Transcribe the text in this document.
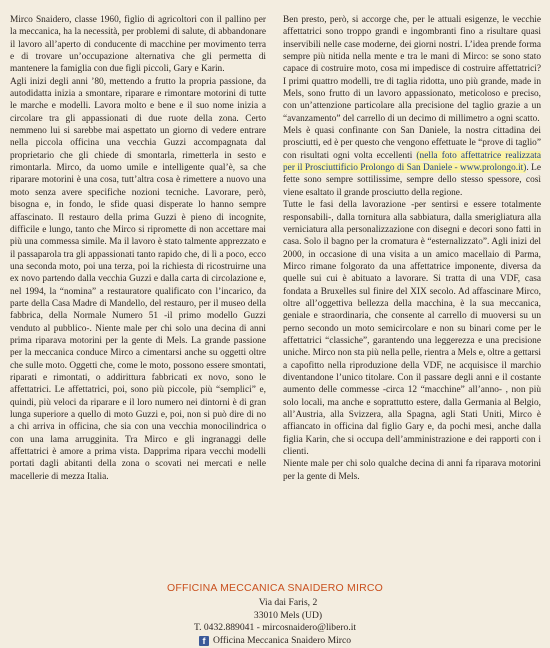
Mirco Snaidero, classe 1960, figlio di agricoltori con il pallino per la meccanica, ha la necessità, per problemi di salute, di abbandonare il lavoro all’aperto di conducente di macchine per movimento terra e di trovare un’occupazione alternativa che gli permetta di mantenere la famiglia con due figli piccoli, Gary e Karin.

Agli inizi degli anni ’80, mettendo a frutto la propria passione, da autodidatta inizia a smontare, riparare e rimontare motorini di tutte le marche e modelli. Lavora molto e bene e il suo nome inizia a circolare tra gli appassionati di due ruote della zona. Certo nemmeno lui si sarebbe mai aspettato un giorno di vedere entrare nella piccola officina una vecchia Guzzi accompagnata dal proprietario che gli chiede di smontarla, rimetterla in sesto e rimontarla. Mirco, da uomo umile e intelligente qual’è, sa che riparare motorini è una cosa, tutt’altra cosa è rimettere a nuovo una moto senza avere specifiche nozioni tecniche. Lavorare, però, bisogna e, in fondo, le sfide quasi disperate lo hanno sempre affascinato. Il restauro della prima Guzzi è pieno di incognite, difficile e lungo, tanto che Mirco si ripromette di non accettare mai più una commessa simile. Ma il lavoro è stato talmente apprezzato e il passaparola tra gli appassionati tanto rapido che, di lì a poco, ecco una seconda moto, poi una terza, poi la richiesta di ricostruirne una ex novo partendo dalla vecchia Guzzi e dalla carta di circolazione e, nel 1994, la “nomina” a restauratore qualificato con l’incarico, da parte della Casa Madre di Mandello, del restauro, per il museo della fabbrica, della Normale Numero 51 -il primo modello Guzzi venduto al pubblico-. Niente male per chi solo una decina di anni prima riparava motorini per la gente di Mels. La grande passione per la meccanica conduce Mirco a cimentarsi anche su oggetti oltre che sulle moto. Oggetti che, come le moto, possono essere smontati, riparati e rimontati, o addirittura fabbricati ex novo, sono le affettatrici. Le affettatrici, poi, sono più piccole, più “semplici” e, quindi, più veloci da riparare e il loro numero nei dintorni è di gran lunga superiore a quello di moto Guzzi e, poi, non si può dire di no a chi arriva in officina, che sia con una vecchia monocilindrica o con una lama arrugginita. Tra Mirco e gli ingranaggi delle affettatrici è amore a prima vista. Dapprima ripara vecchi modelli portati dagli abitanti della zona o scovati nei mercati e nelle macellerie di mezza Italia.

Ben presto, però, si accorge che, per le attuali esigenze, le vecchie affettatrici sono troppo grandi e ingombranti fino a risultare quasi inservibili nelle case moderne, dei giorni nostri. L’idea prende forma sempre più nitida nella mente e tra le mani di Mirco: se sono stato capace di costruire moto, cosa mi impedisce di costruire affettatrici? I primi quattro modelli, tre di taglia ridotta, uno più grande, made in Mels, sono frutto di un lavoro appassionato, meticoloso e preciso, con un’attenzione particolare alla precisione del taglio grazie a un “avanzamento” del carrello di un decimo di millimetro a ogni scatto.

Mels è quasi confinante con San Daniele, la nostra cittadina dei prosciutti, ed è per questo che vengono effettuate le “prove di taglio” con risultati ogni volta eccellenti (nella foto affettatrice realizzata per il Prosciuttificio Prolongo di San Daniele - www.prolongo.it). Le fette sono sempre sottilissime, sempre dello stesso spessore, così viene esaltato il grande prosciutto della regione.

Tutte le fasi della lavorazione -per sentirsi e essere totalmente responsabili-, dalla tornitura alla sabbiatura, dalla smerigliatura alla verniciatura alla personalizzazione con disegni e decori sono fatti in casa. Solo il bagno per la cromatura è “esternalizzato”. Agli inizi del 2000, in occasione di una visita a un amico macellaio di Parma, Mirco rimane folgorato da una affettatrice imponente, diversa da quelle sui cui è abituato a lavorare. Si tratta di una VDF, casa fondata a Bruxelles sul finire del XIX secolo. Ad affascinare Mirco, oltre all’oggettiva bellezza della macchina, è la sua meccanica, geniale e straordinaria, che consente al carrello di muoversi su un perno secondo un moto semicircolare e non su binari come per le affettatrici “classiche”, garantendo una leggerezza e una precisione uniche. Mirco non sta più nella pelle, rientra a Mels e, oltre a gettarsi a capofitto nella riproduzione della VDF, ne acquisisce il marchio diventandone l’unico titolare. Con il passare degli anni e il costante aumento delle commesse -circa 12 “macchine” all’anno- , non più solo locali, ma anche e soprattutto estere, dalla Germania al Belgio, all’Austria, alla Svizzera, alla Spagna, agli Stati Uniti, Mirco è affiancato in officina dal figlio Gary e, da pochi mesi, anche dalla figlia Karin, che si occupa dell’amministrazione e dei rapporti con i clienti.

Niente male per chi solo qualche decina di anni fa riparava motorini per la gente di Mels.

OFFICINA MECCANICA SNAIDERO MIRCO
Via dai Faris, 2
33010 Mels (UD)
T. 0432.889041 - mircosnaidero@libero.it
f Officina Meccanica Snaidero Mirco
